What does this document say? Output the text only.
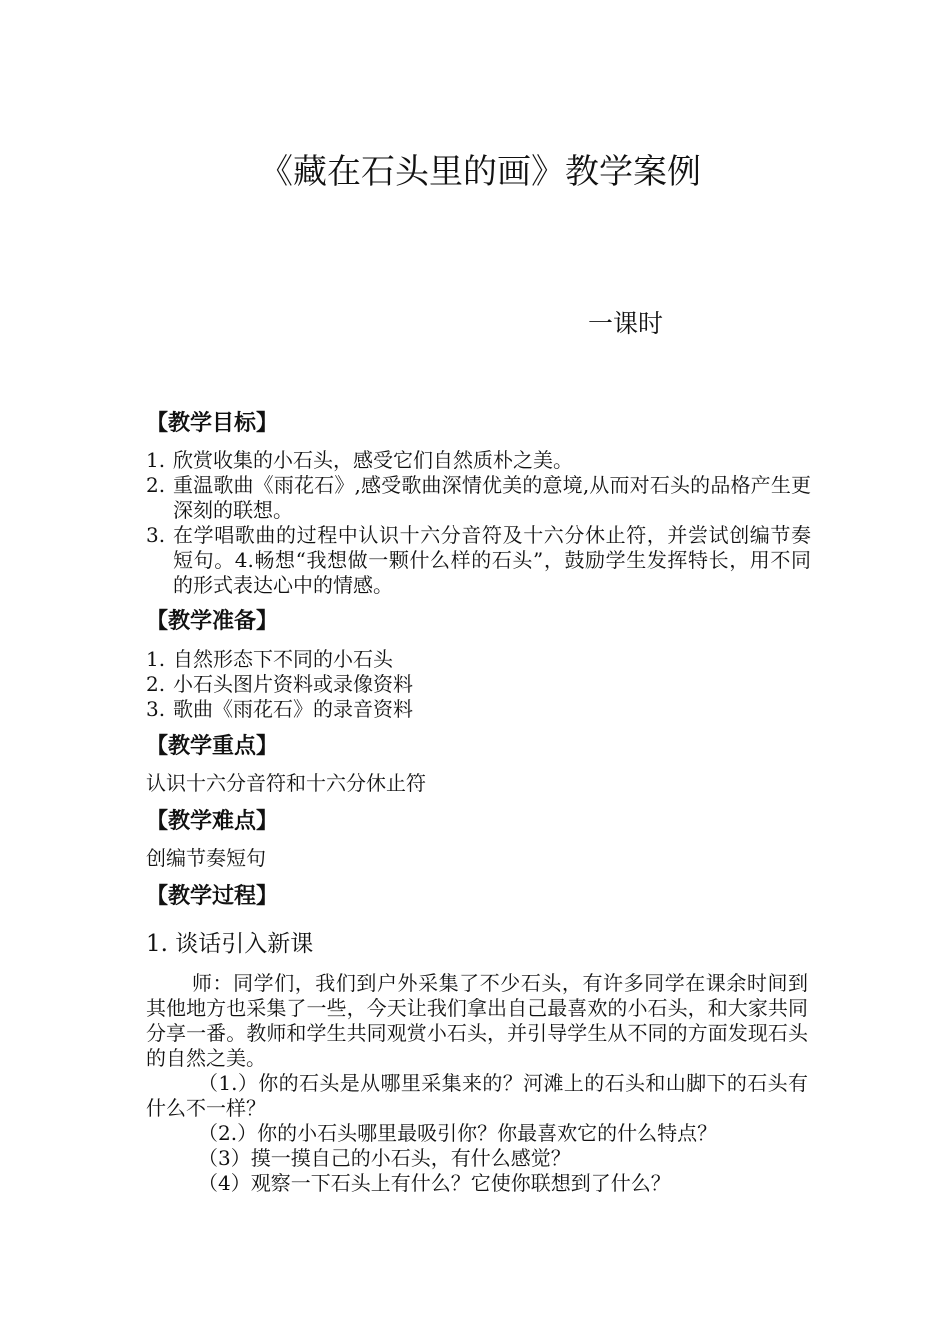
《藏在石头里的画》教学案例
一课时
【教学目标】
1. 欣赏收集的小石头，感受它们自然质朴之美。
2. 重温歌曲《雨花石》,感受歌曲深情优美的意境,从而对石头的品格产生更深刻的联想。
3. 在学唱歌曲的过程中认识十六分音符及十六分休止符，并尝试创编节奏短句。4.畅想“我想做一颗什么样的石头”，鼓励学生发挥特长，用不同的形式表达心中的情感。
【教学准备】
1. 自然形态下不同的小石头
2. 小石头图片资料或录像资料
3. 歌曲《雨花石》的录音资料
【教学重点】

认识十六分音符和十六分休止符

【教学难点】

创编节奏短句

【教学过程】
1. 谈话引入新课

师：同学们，我们到户外采集了不少石头，有许多同学在课余时间到其他地方也采集了一些，今天让我们拿出自己最喜欢的小石头，和大家共同分享一番。教师和学生共同观赏小石头，并引导学生从不同的方面发现石头的自然之美。

（1.）你的石头是从哪里采集来的？河滩上的石头和山脚下的石头有什么不一样？

（2.）你的小石头哪里最吸引你？你最喜欢它的什么特点？

（3）摸一摸自己的小石头，有什么感觉？

（4）观察一下石头上有什么？它使你联想到了什么？
